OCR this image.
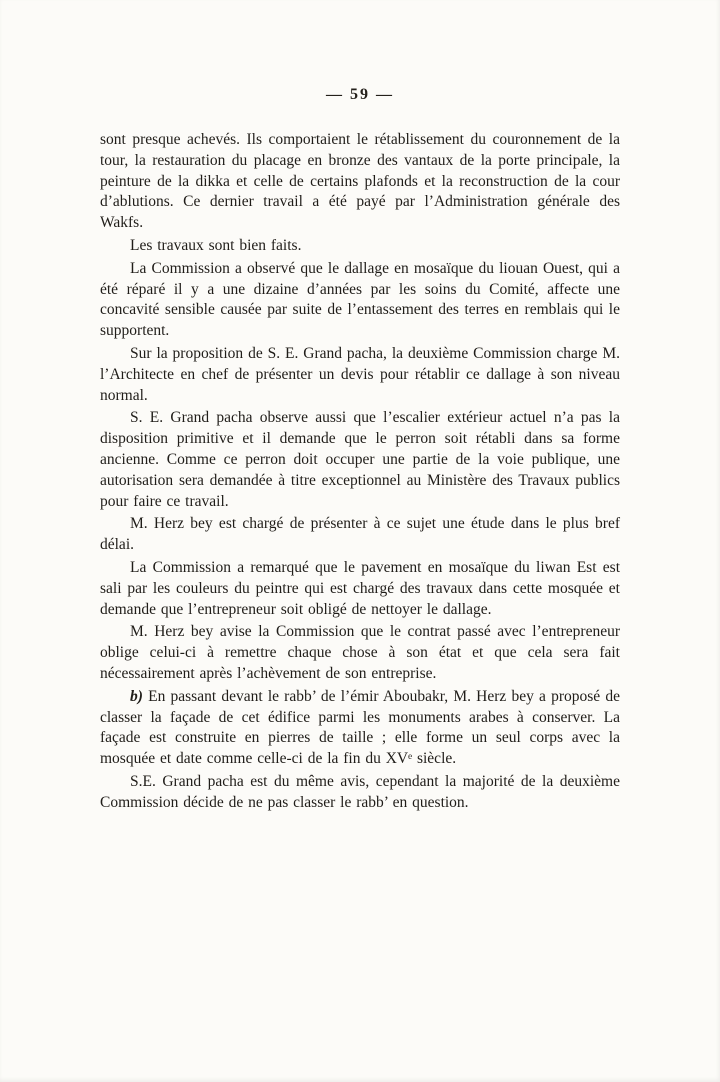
— 59 —

sont presque achevés. Ils comportaient le rétablissement du couronnement de la tour, la restauration du placage en bronze des vantaux de la porte principale, la peinture de la dikka et celle de certains plafonds et la reconstruction de la cour d’ablutions. Ce dernier travail a été payé par l’Administration générale des Wakfs.

Les travaux sont bien faits.

La Commission a observé que le dallage en mosaïque du liouan Ouest, qui a été réparé il y a une dizaine d’années par les soins du Comité, affecte une concavité sensible causée par suite de l’entassement des terres en remblais qui le supportent.

Sur la proposition de S. E. Grand pacha, la deuxième Commission charge M. l’Architecte en chef de présenter un devis pour rétablir ce dallage à son niveau normal.

S. E. Grand pacha observe aussi que l’escalier extérieur actuel n’a pas la disposition primitive et il demande que le perron soit rétabli dans sa forme ancienne. Comme ce perron doit occuper une partie de la voie publique, une autorisation sera demandée à titre exceptionnel au Ministère des Travaux publics pour faire ce travail.

M. Herz bey est chargé de présenter à ce sujet une étude dans le plus bref délai.

La Commission a remarqué que le pavement en mosaïque du liwan Est est sali par les couleurs du peintre qui est chargé des travaux dans cette mosquée et demande que l’entrepreneur soit obligé de nettoyer le dallage.

M. Herz bey avise la Commission que le contrat passé avec l’entrepreneur oblige celui-ci à remettre chaque chose à son état et que cela sera fait nécessairement après l’achèvement de son entreprise.

b) En passant devant le rabb’ de l’émir Aboubakr, M. Herz bey a proposé de classer la façade de cet édifice parmi les monuments arabes à conserver. La façade est construite en pierres de taille ; elle forme un seul corps avec la mosquée et date comme celle-ci de la fin du XVᵉ siècle.

S.E. Grand pacha est du même avis, cependant la majorité de la deuxième Commission décide de ne pas classer le rabb’ en question.
